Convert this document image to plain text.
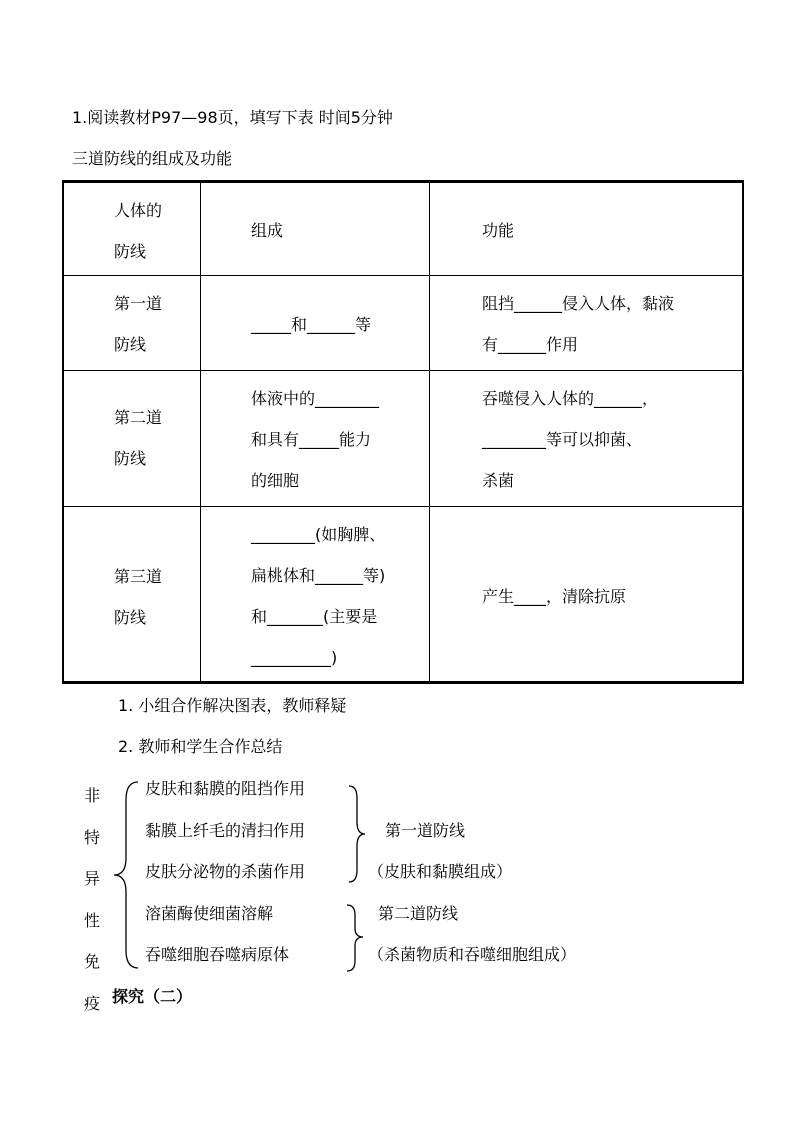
1.阅读教材P97—98页，填写下表 时间5分钟
三道防线的组成及功能
人体的
防线
组成	功能
第一道
防线
_____和______等
阻挡______侵入人体，黏液
有______作用
第二道
防线
体液中的________
和具有_____能力
的细胞
吞噬侵入人体的______，
________等可以抑菌、
杀菌
第三道
防线
________(如胸脾、
扁桃体和______等)
和_______(主要是
__________)
产生____，清除抗原
1. 小组合作解决图表，教师释疑
2. 教师和学生合作总结
非
特
异
性
免
疫
皮肤和黏膜的阻挡作用
黏膜上纤毛的清扫作用
皮肤分泌物的杀菌作用
溶菌酶使细菌溶解
吞噬细胞吞噬病原体
第一道防线
（皮肤和黏膜组成）
第二道防线
（杀菌物质和吞噬细胞组成）
探究（二）
